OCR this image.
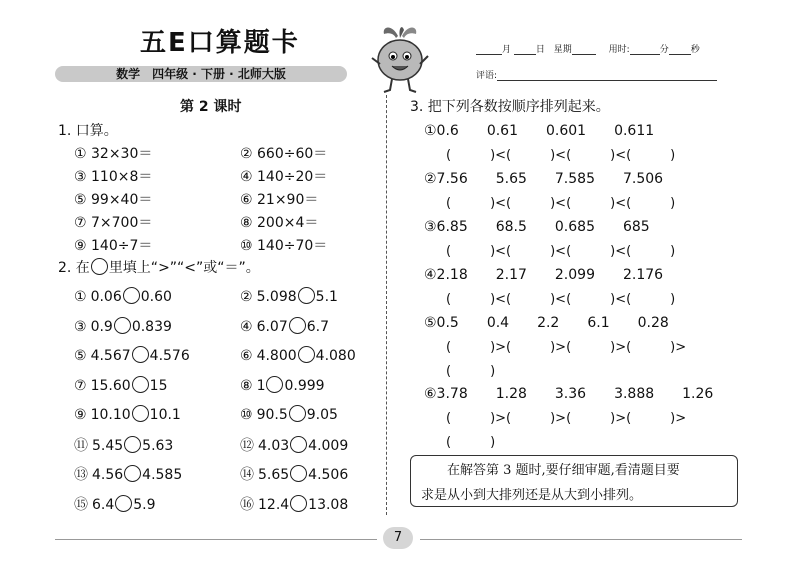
五E口算题卡
数学　四年级 · 下册 · 北师大版
月	日 星期	用时:	分 秒
评语:
第 2 课时
1. 口算。
① 32×30＝	② 660÷60＝
③ 110×8＝	④ 140÷20＝
⑤ 99×40＝	⑥ 21×90＝
⑦ 7×700＝	⑧ 200×4＝
⑨ 140÷7＝	⑩ 140÷70＝
2. 在 里填上“>”“<”或“＝”。
① 0.06 0.60	② 5.098 5.1
③ 0.9 0.839	④ 6.07 6.7
⑤ 4.567 4.576	⑥ 4.800 4.080
⑦ 15.60 15	⑧ 1 0.999
⑨ 10.10 10.1	⑩ 90.5 9.05
⑪ 5.45 5.63	⑫ 4.03 4.009
⑬ 4.56 4.585	⑭ 5.65 4.506
⑮ 6.4 5.9	⑯ 12.4 13.08
3. 把下列各数按顺序排列起来。
①0.6　　0.61　　0.601　　0.611
(　　　)<(　　　)<(　　　)<(　　　)
②7.56　　5.65　　7.585　　7.506
(　　　)<(　　　)<(　　　)<(　　　)
③6.85　　68.5　　0.685　　685
(　　　)<(　　　)<(　　　)<(　　　)
④2.18　　2.17　　2.099　　2.176
(　　　)<(　　　)<(　　　)<(　　　)
⑤0.5　　0.4　　2.2　　6.1　　0.28
(　　　)>(　　　)>(　　　)>(　　　)>
(　　　)
⑥3.78　　1.28　　3.36　　3.888　　1.26
(　　　)>(　　　)>(　　　)>(　　　)>
(　　　)
在解答第 3 题时,要仔细审题,看清题目要
求是从小到大排列还是从大到小排列。
7
